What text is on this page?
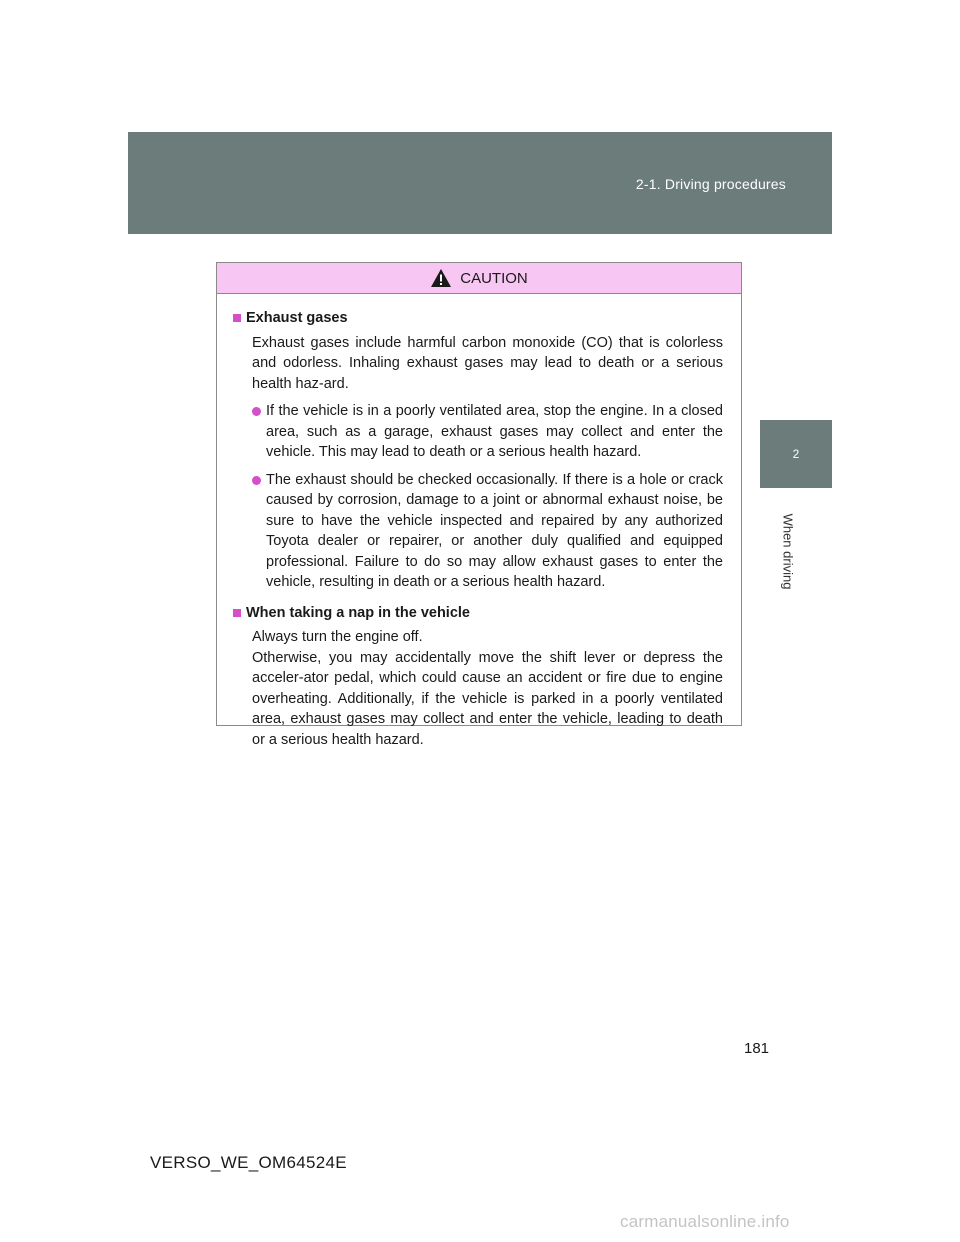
2-1. Driving procedures
2
When driving
CAUTION
Exhaust gases
Exhaust gases include harmful carbon monoxide (CO) that is colorless and odorless. Inhaling exhaust gases may lead to death or a serious health haz-ard.
If the vehicle is in a poorly ventilated area, stop the engine. In a closed area, such as a garage, exhaust gases may collect and enter the vehicle. This may lead to death or a serious health hazard.
The exhaust should be checked occasionally. If there is a hole or crack caused by corrosion, damage to a joint or abnormal exhaust noise, be sure to have the vehicle inspected and repaired by any authorized Toyota dealer or repairer, or another duly qualified and equipped professional. Failure to do so may allow exhaust gases to enter the vehicle, resulting in death or a serious health hazard.
When taking a nap in the vehicle
Always turn the engine off.
Otherwise, you may accidentally move the shift lever or depress the acceler-ator pedal, which could cause an accident or fire due to engine overheating. Additionally, if the vehicle is parked in a poorly ventilated area, exhaust gases may collect and enter the vehicle, leading to death or a serious health hazard.
181
VERSO_WE_OM64524E
carmanualsonline.info
